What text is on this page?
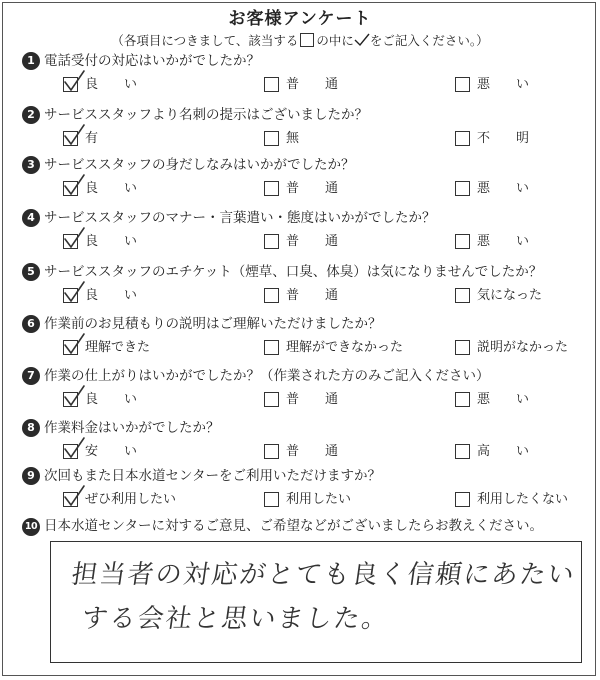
お客様アンケート
（各項目につきまして、該当する の中に をご記入ください。）
1 電話受付の対応はいかがでしたか？
良　　い	普　　通	悪　　い
2 サービススタッフより名刺の提示はございましたか？
有	無	不　　明
3 サービススタッフの身だしなみはいかがでしたか？
良　　い	普　　通	悪　　い
4 サービススタッフのマナー・言葉遣い・態度はいかがでしたか？
良　　い	普　　通	悪　　い
5 サービススタッフのエチケット（煙草、口臭、体臭）は気になりませんでしたか？
良　　い	普　　通	気になった
6 作業前のお見積もりの説明はご理解いただけましたか？
理解できた	理解ができなかった	説明がなかった
7 作業の仕上がりはいかがでしたか？（作業された方のみご記入ください）
良　　い	普　　通	悪　　い
8 作業料金はいかがでしたか？
安　　い	普　　通	高　　い
9 次回もまた日本水道センターをご利用いただけますか？
ぜひ利用したい	利用したい	利用したくない
10 日本水道センターに対するご意見、ご希望などがございましたらお教えください。
担当者の対応がとても良く信頼にあたい
する会社と思いました。
